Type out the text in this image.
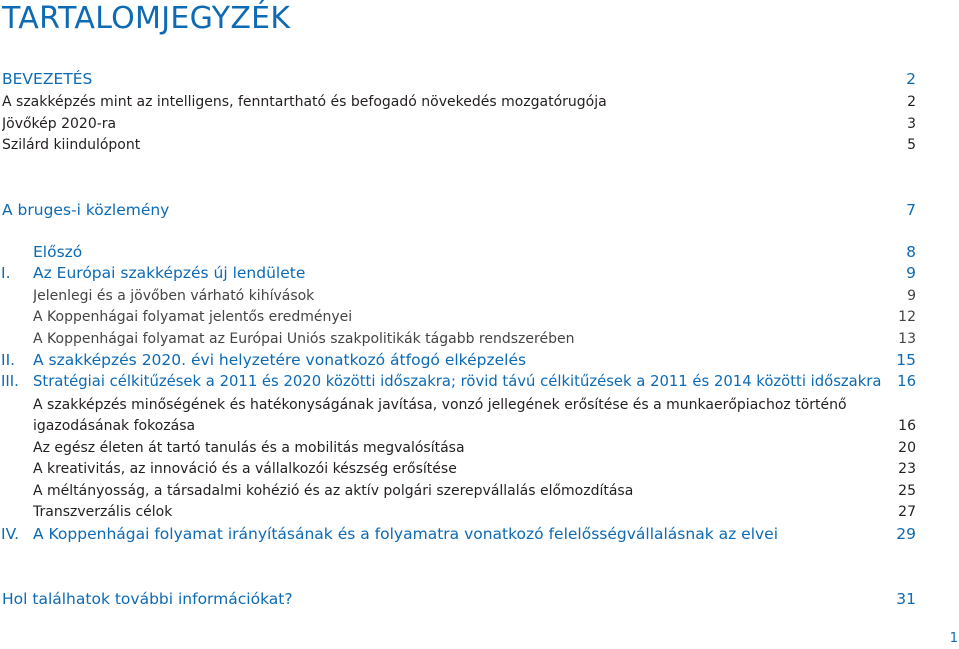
TARTALOMJEGYZÉK
BEVEZETÉS	2
A szakképzés mint az intelligens, fenntartható és befogadó növekedés mozgatórugója	2
Jövőkép 2020-ra	3
Szilárd kiindulópont	5
A bruges-i közlemény	7
Előszó	8
I. Az Európai szakképzés új lendülete	9
Jelenlegi és a jövőben várható kihívások	9
A Koppenhágai folyamat jelentős eredményei	12
A Koppenhágai folyamat az Európai Uniós szakpolitikák tágabb rendszerében	13
II. A szakképzés 2020. évi helyzetére vonatkozó átfogó elképzelés	15
III. Stratégiai célkitűzések a 2011 és 2020 közötti időszakra; rövid távú célkitűzések a 2011 és 2014 közötti időszakra	16
A szakképzés minőségének és hatékonyságának javítása, vonzó jellegének erősítése és a munkaerőpiachoz történő
igazodásának fokozása	16
Az egész életen át tartó tanulás és a mobilitás megvalósítása	20
A kreativitás, az innováció és a vállalkozói készség erősítése	23
A méltányosság, a társadalmi kohézió és az aktív polgári szerepvállalás előmozdítása	25
Transzverzális célok	27
IV. A Koppenhágai folyamat irányításának és a folyamatra vonatkozó felelősségvállalásnak az elvei	29
Hol találhatok további információkat?	31
1
